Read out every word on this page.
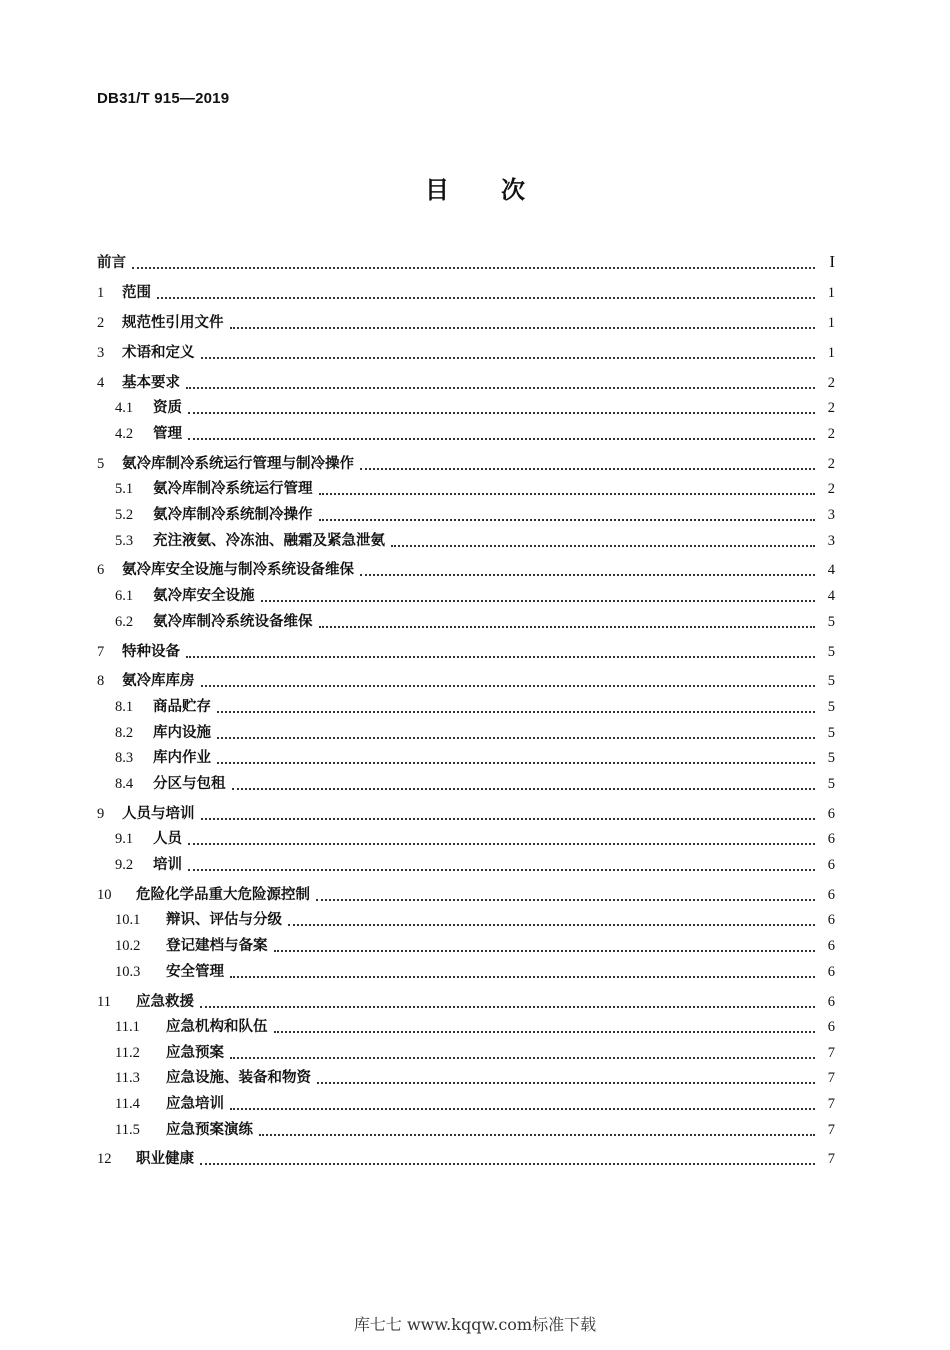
DB31/T 915—2019
目次
前言	I
1	范围	1
2	规范性引用文件	1
3	术语和定义	1
4	基本要求	2
4.1	资质	2
4.2	管理	2
5	氨冷库制冷系统运行管理与制冷操作	2
5.1	氨冷库制冷系统运行管理	2
5.2	氨冷库制冷系统制冷操作	3
5.3	充注液氨、冷冻油、融霜及紧急泄氨	3
6	氨冷库安全设施与制冷系统设备维保	4
6.1	氨冷库安全设施	4
6.2	氨冷库制冷系统设备维保	5
7	特种设备	5
8	氨冷库库房	5
8.1	商品贮存	5
8.2	库内设施	5
8.3	库内作业	5
8.4	分区与包租	5
9	人员与培训	6
9.1	人员	6
9.2	培训	6
10	危险化学品重大危险源控制	6
10.1	辩识、评估与分级	6
10.2	登记建档与备案	6
10.3	安全管理	6
11	应急救援	6
11.1	应急机构和队伍	6
11.2	应急预案	7
11.3	应急设施、装备和物资	7
11.4	应急培训	7
11.5	应急预案演练	7
12	职业健康	7
库七七 www.kqqw.com标准下载
